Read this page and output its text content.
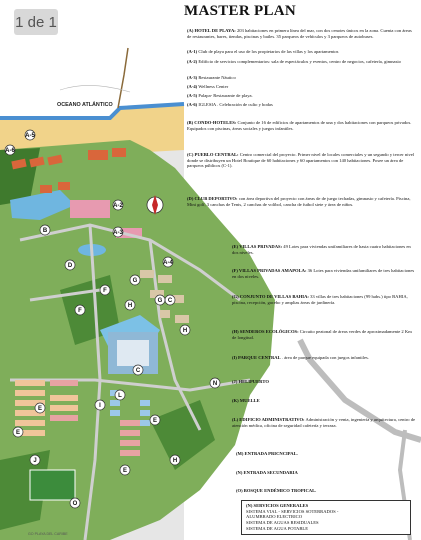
A-6
A-5
B
A-2
A-3
A-4
C
D
F
F
G
G
H
H
C
N
E
E
I
L
J
O
E
H
E
GO PLAYA DEL CARIBE
1 de 1
OCEANO ATLÁNTICO
MASTER PLAN

(A) HOTEL DE PLAYA: 203 habitaciones en primera línea del mar, con dos cenotes únicos en la zona. Cuenta con áreas de restaurantes, bares, tiendas, piscinas y bailes. 35 parqueos de vehículos y 3 parqueos de autobuses.

(A-1) Club de playa para el uso de los propietarios de las villas y los apartamentos

(A-2) Edificio de servicios complementarios: sala de espectáculos y eventos, centro de negocios, cafetería, gimnasio

(A-3) Restaurante Náutico

(A-4) Wellness Center

(A-5) Palapa- Restaurante de playa.

(A-6) IGLESIA . Celebración de culto y bodas

(B) CONDO-HOTELES: Conjunto de 16 de edificios de apartamentos de una y dos habitaciones con parqueos privados. Equipados con piscinas, áreas sociales y juegos infantiles.

(C) PUEBLO CENTRAL: Centro comercial del proyecto. Primer nivel de locales comerciales y un segundo y tercer nivel donde se distribuyen un Hotel Boutique de 60 habitaciones y 60 apartamentos con 140 habitaciones. Posee un área de parqueos públicos (C-1).

(D) CLUB DEPORTIVO: con área deportiva del proyecto con áreas de de juego techadas, gimnasio y cafetería. Piscina, Mini golf, 3 canchas de Tenis, 2 canchas de volibol, cancha de futbol siete y área de niños.

(E) VILLAS PRIVADAS: 49 Lotes para viviendas unifamiliares de hasta cuatro habitaciones en dos niveles.

(F) VILLAS PRIVADAS AMAPOLA: 36 Lotes para viviendas unifamiliares de tres habitaciones en dos niveles.

(G) CONJUNTO DE VILLAS BAHIA: 33 villas de tres habitaciones (99 habs.) tipo BAHIA, piscina, recepción, gacebo y amplias áreas de jardinería.

(H) SENDEROS ECOLÓGICOS: Circuito peatonal de áreas verdes de aproximadamente 2 Km de longitud.

(I) PARQUE CENTRAL . área de parque equipada con juegos infantiles.

(J) HELIPUERTO

(K) MUELLE

(L) EDIFICIO ADMINISTRATIVO: Administración y venta, ingeniería y arquitectura, centro de atención médica, oficina de seguridad cafetería y terraza.

(M) ENTRADA PRICNCIPAL.

(N) ENTRADA SECUNDARIA

(O) BOSQUE ENDÉMICO TROPICAL.

(N) SERVICIOS GENERALES

SISTEMA VIAL - SERVICIOS SOTERRADOS -

ALUMBRADO ELECTRICO

SISTEMA DE AGUAS RESIDUALES

SISTEMA DE AGUA POTABLE
